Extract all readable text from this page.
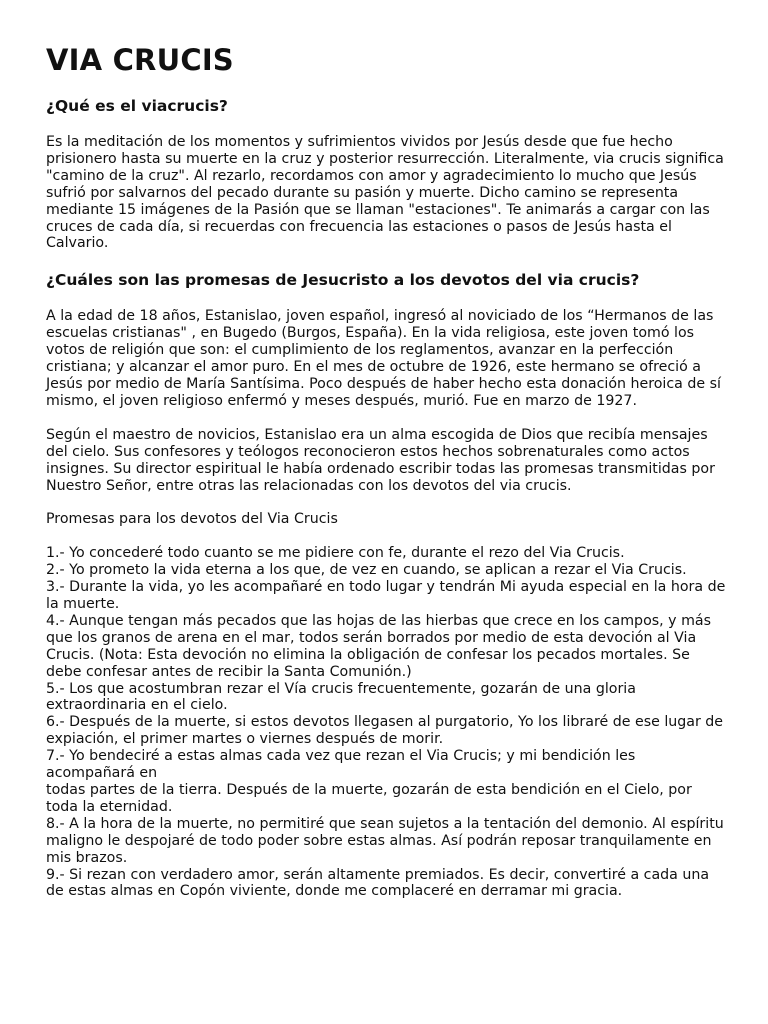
VIA CRUCIS
¿Qué es el viacrucis?

Es la meditación de los momentos y sufrimientos vividos por Jesús desde que fue hecho prisionero hasta su muerte en la cruz y posterior resurrección. Literalmente, via crucis significa "camino de la cruz". Al rezarlo, recordamos con amor y agradecimiento lo mucho que Jesús sufrió por salvarnos del pecado durante su pasión y muerte. Dicho camino se representa mediante 15 imágenes de la Pasión que se llaman "estaciones". Te animarás a cargar con las cruces de cada día, si recuerdas con frecuencia las estaciones o pasos de Jesús hasta el Calvario.

¿Cuáles son las promesas de Jesucristo a los devotos del via crucis?

A la edad de 18 años, Estanislao, joven español, ingresó al noviciado de los “Hermanos de las escuelas cristianas" , en Bugedo (Burgos, España). En la vida religiosa, este joven tomó los votos de religión que son: el cumplimiento de los reglamentos, avanzar en la perfección cristiana; y alcanzar el amor puro. En el mes de octubre de 1926, este hermano se ofreció a Jesús por medio de María Santísima. Poco después de haber hecho esta donación heroica de sí mismo, el joven religioso enfermó y meses después, murió. Fue en marzo de 1927.

Según el maestro de novicios, Estanislao era un alma escogida de Dios que recibía mensajes del cielo. Sus confesores y teólogos reconocieron estos hechos sobrenaturales como actos insignes. Su director espiritual le había ordenado escribir todas las promesas transmitidas por Nuestro Señor, entre otras las relacionadas con los devotos del via crucis.

Promesas para los devotos del Via Crucis

1.- Yo concederé todo cuanto se me pidiere con fe, durante el rezo del Via Crucis.
2.- Yo prometo la vida eterna a los que, de vez en cuando, se aplican a rezar el Via Crucis.
3.- Durante la vida, yo les acompañaré en todo lugar y tendrán Mi ayuda especial en la hora de la muerte.
4.- Aunque tengan más pecados que las hojas de las hierbas que crece en los campos, y más que los granos de arena en el mar, todos serán borrados por medio de esta devoción al Via Crucis. (Nota: Esta devoción no elimina la obligación de confesar los pecados mortales. Se debe confesar antes de recibir la Santa Comunión.)
5.- Los que acostumbran rezar el Vía crucis frecuentemente, gozarán de una gloria extraordinaria en el cielo.
6.- Después de la muerte, si estos devotos llegasen al purgatorio, Yo los libraré de ese lugar de expiación, el primer martes o viernes después de morir.
7.- Yo bendeciré a estas almas cada vez que rezan el Via Crucis; y mi bendición les acompañará en
todas partes de la tierra. Después de la muerte, gozarán de esta bendición en el Cielo, por toda la eternidad.
8.- A la hora de la muerte, no permitiré que sean sujetos a la tentación del demonio. Al espíritu maligno le despojaré de todo poder sobre estas almas. Así podrán reposar tranquilamente en mis brazos.
9.- Si rezan con verdadero amor, serán altamente premiados. Es decir, convertiré a cada una de estas almas en Copón viviente, donde me complaceré en derramar mi gracia.
